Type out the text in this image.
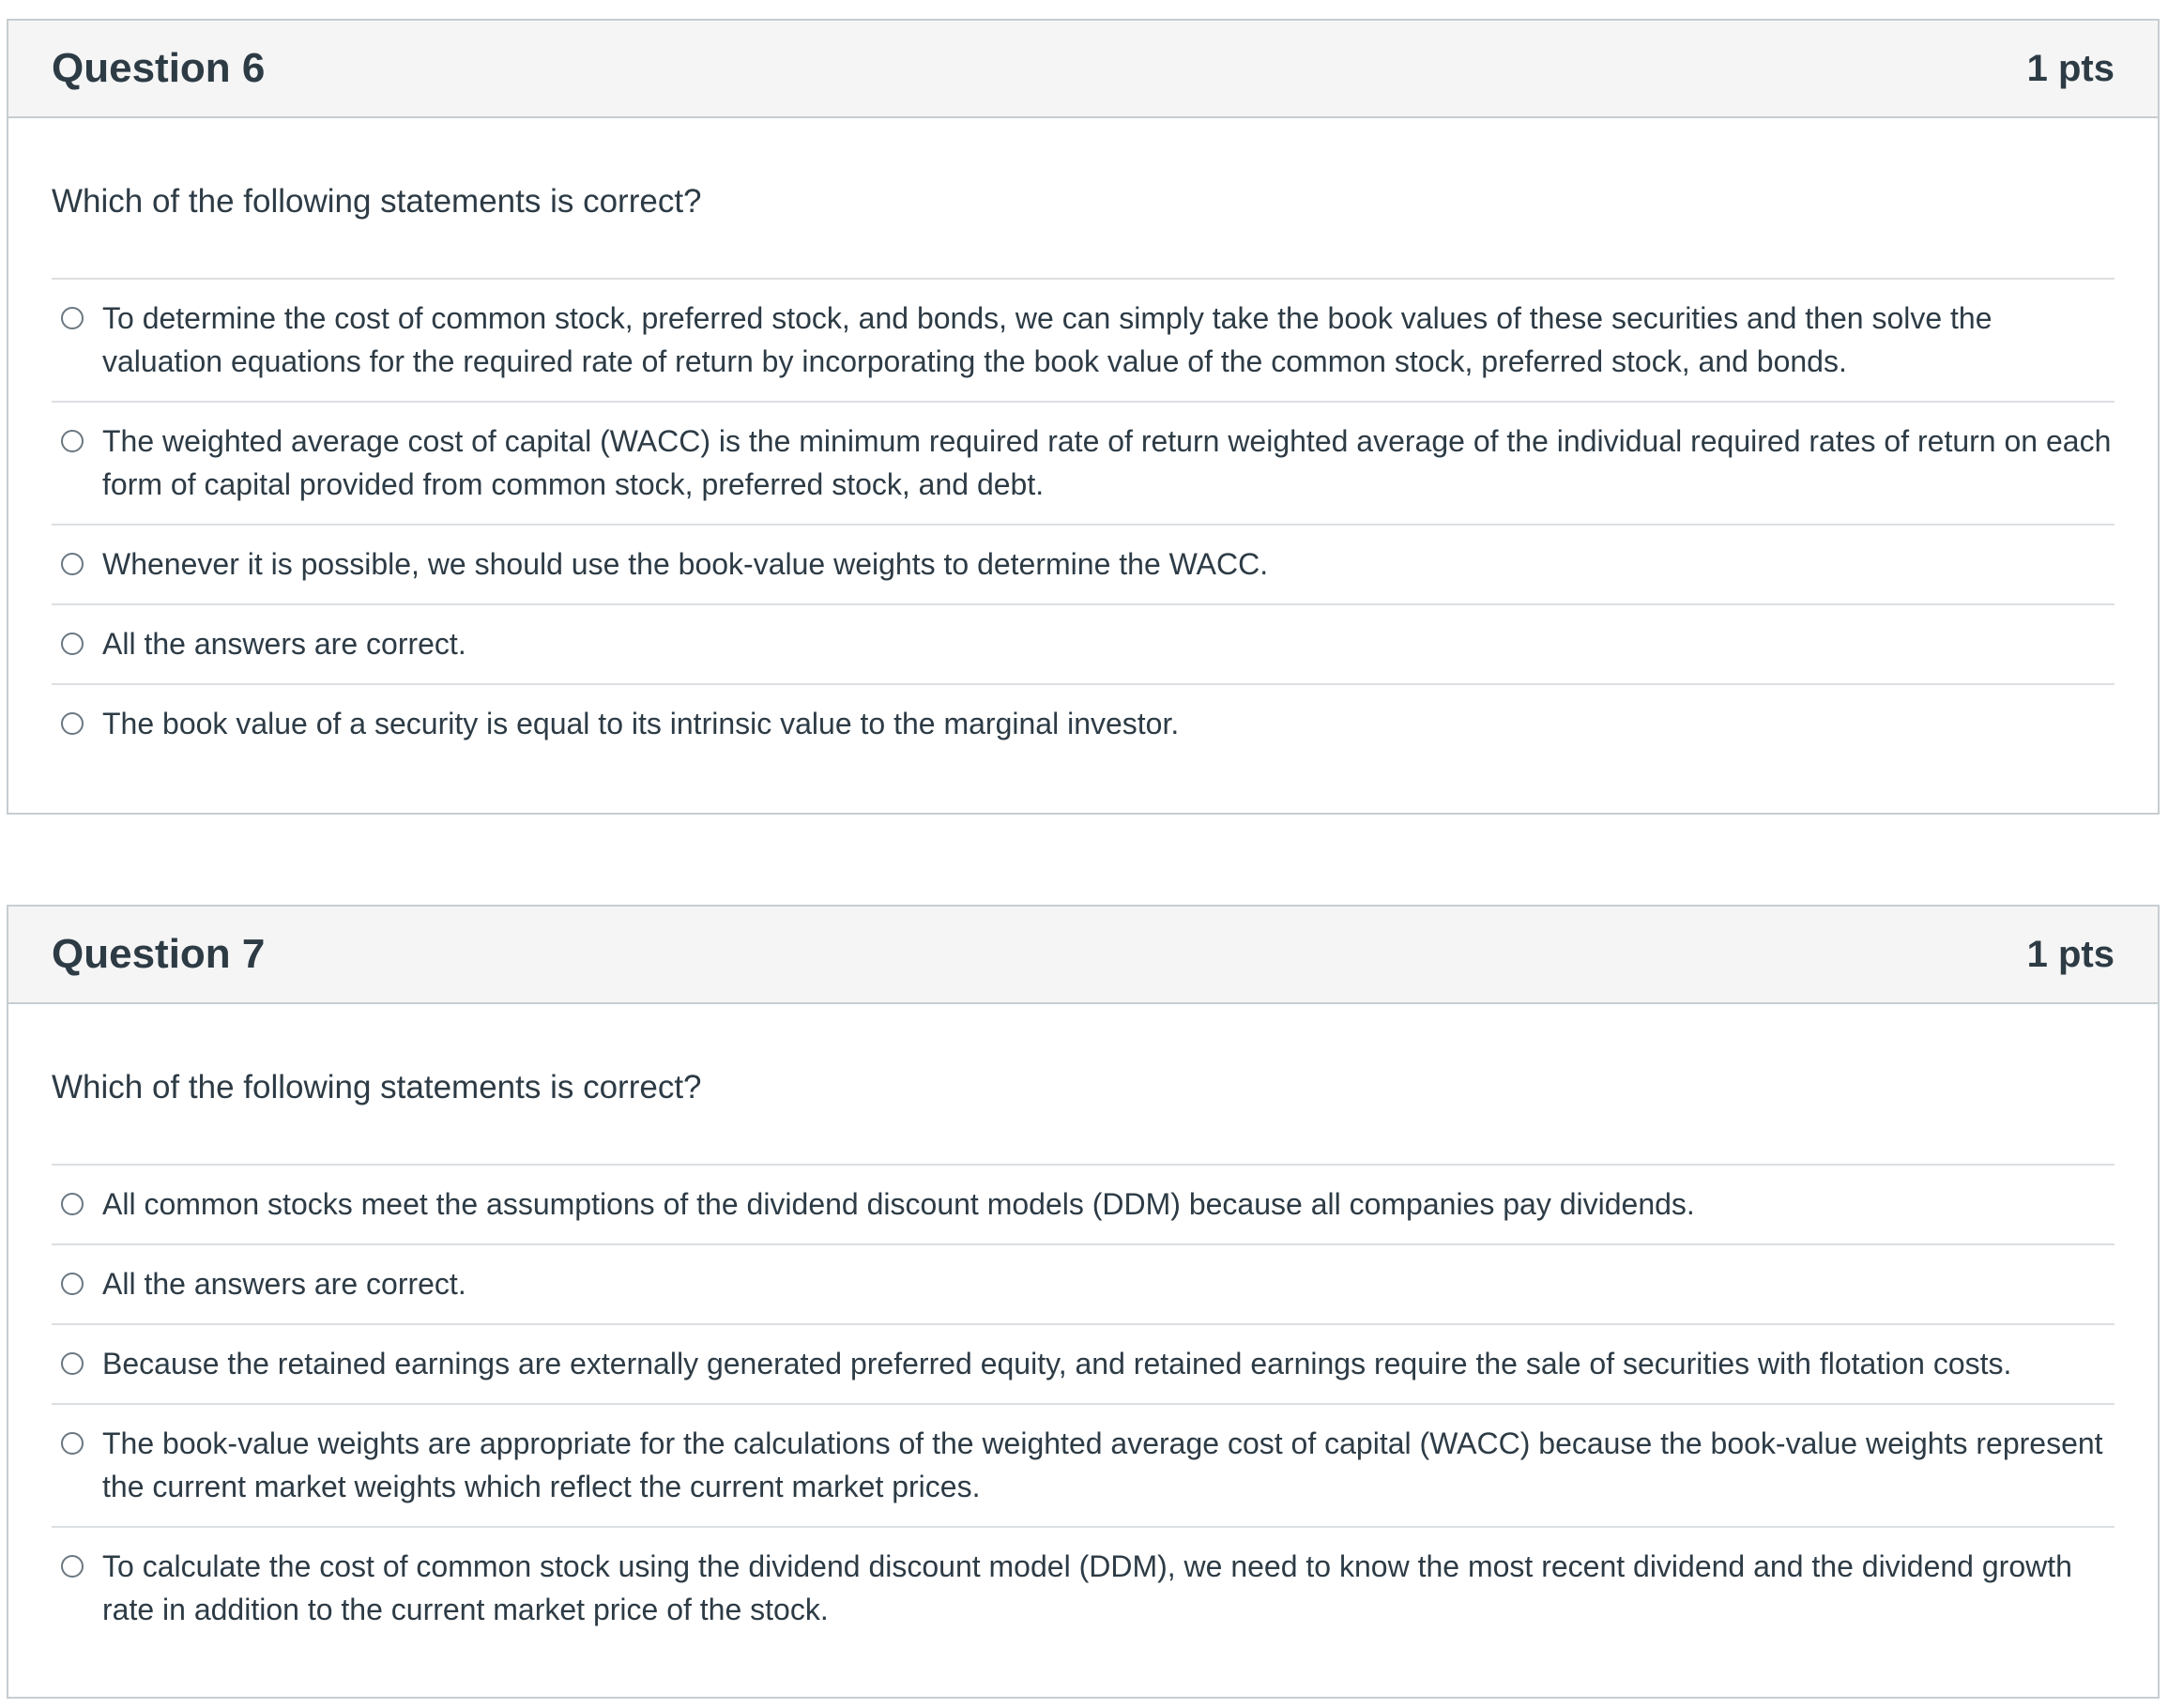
Question 6	1 pts
Which of the following statements is correct?
To determine the cost of common stock, preferred stock, and bonds, we can simply take the book values of these securities and then solve the valuation equations for the required rate of return by incorporating the book value of the common stock, preferred stock, and bonds.
The weighted average cost of capital (WACC) is the minimum required rate of return weighted average of the individual required rates of return on each form of capital provided from common stock, preferred stock, and debt.
Whenever it is possible, we should use the book-value weights to determine the WACC.
All the answers are correct.
The book value of a security is equal to its intrinsic value to the marginal investor.
Question 7	1 pts
Which of the following statements is correct?
All common stocks meet the assumptions of the dividend discount models (DDM) because all companies pay dividends.
All the answers are correct.
Because the retained earnings are externally generated preferred equity, and retained earnings require the sale of securities with flotation costs.
The book-value weights are appropriate for the calculations of the weighted average cost of capital (WACC) because the book-value weights represent the current market weights which reflect the current market prices.
To calculate the cost of common stock using the dividend discount model (DDM), we need to know the most recent dividend and the dividend growth rate in addition to the current market price of the stock.
